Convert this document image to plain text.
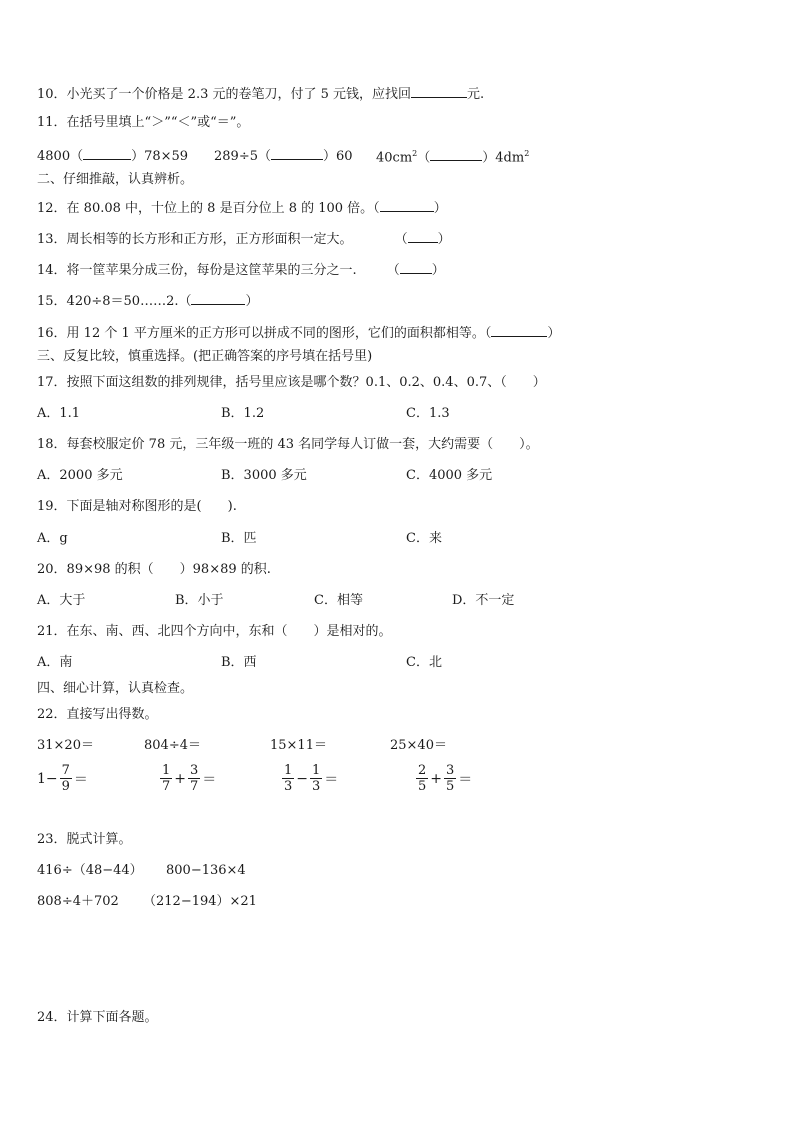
10．小光买了一个价格是 2.3 元的卷笔刀，付了 5 元钱，应找回	元.
11．在括号里填上“＞”“＜”或“＝”。
4800（	）78×59 289÷5（	）60 $40cm^2$（	）$4dm^2$
二、仔细推敲，认真辨析。
12．在 80.08 中，十位上的 8 是百分位上 8 的 100 倍。（	）
13．周长相等的长方形和正方形，正方形面积一定大。	（ ）
14．将一筐苹果分成三份，每份是这筐苹果的三分之一. （ ）
15．420÷8＝50……2.（	）
16．用 12 个 1 平方厘米的正方形可以拼成不同的图形，它们的面积都相等。（	）
三、反复比较，慎重选择。(把正确答案的序号填在括号里)
17．按照下面这组数的排列规律，括号里应该是哪个数？0.1、0.2、0.4、0.7、（　　）
A．1.1	B．1.2	C．1.3
18．每套校服定价 78 元，三年级一班的 43 名同学每人订做一套，大约需要（　　）。
A．2000 多元	B．3000 多元	C．4000 多元
19．下面是轴对称图形的是(　　).
A．g	B．匹	C．来
20．89×98 的积（　　）98×89 的积.
A．大于	B．小于	C．相等	D．不一定
21．在东、南、西、北四个方向中，东和（　　）是相对的。
A．南	B．西	C．北
四、细心计算，认真检查。
22．直接写出得数。
31×20＝	804÷4＝	15×11＝	25×40＝
$1- \frac{7}{9}$ ＝	$\frac{1}{7} + \frac{3}{7}$ ＝	$\frac{1}{3} - \frac{1}{3}$ ＝	$\frac{2}{5} + \frac{3}{5}$ ＝
23．脱式计算。
416÷（48−44） 800−136×4
808÷4＋702 （212−194）×21
24．计算下面各题。
